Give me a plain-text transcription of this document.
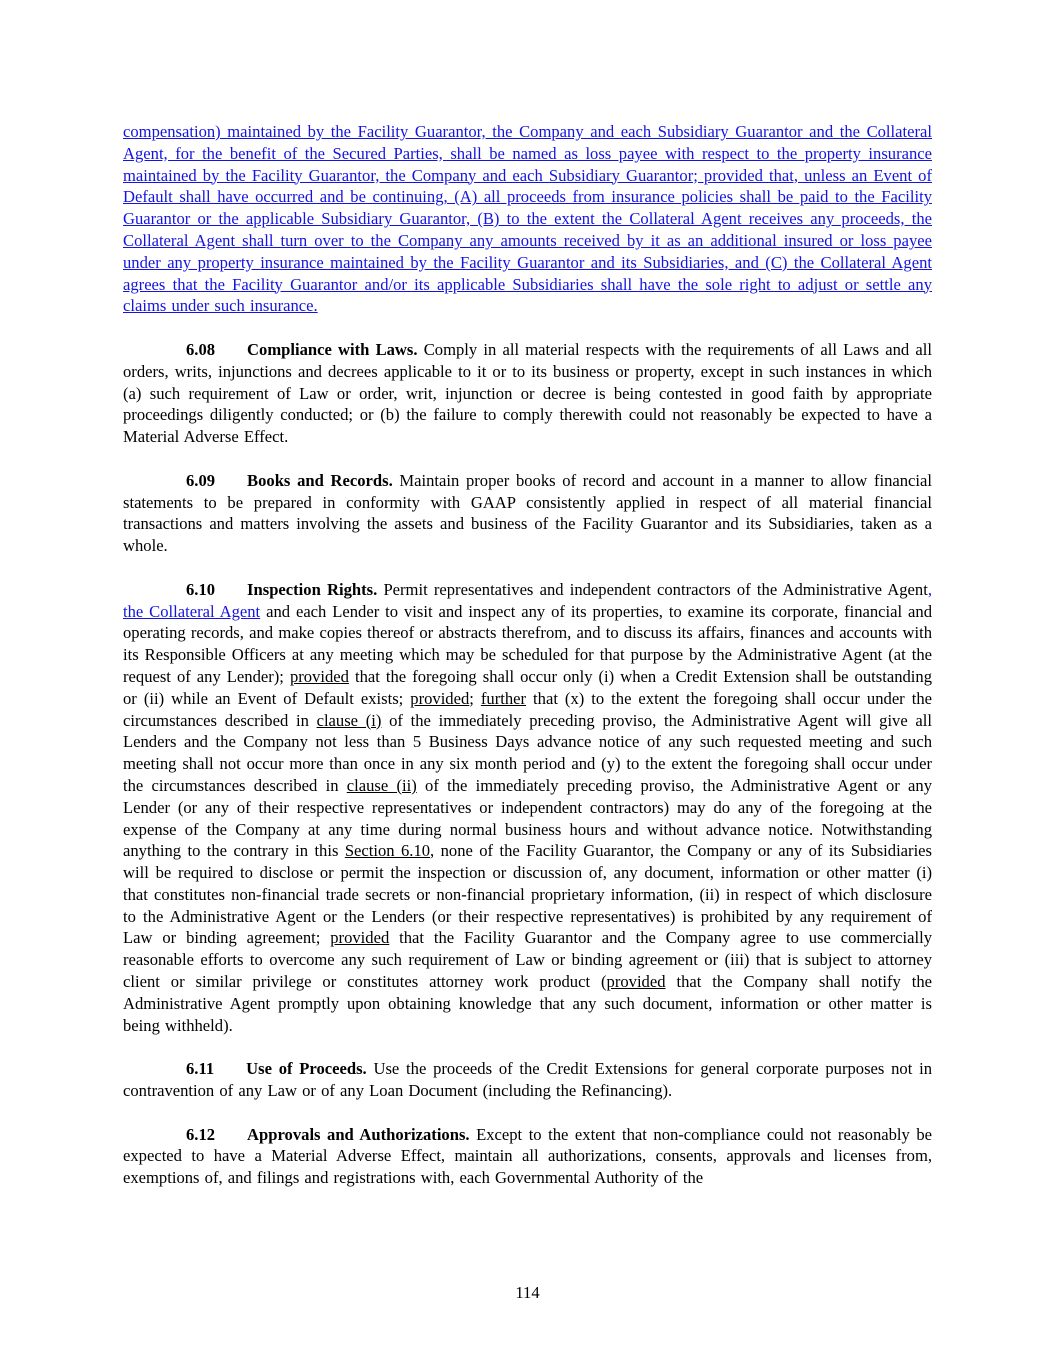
compensation) maintained by the Facility Guarantor, the Company and each Subsidiary Guarantor and the Collateral Agent, for the benefit of the Secured Parties, shall be named as loss payee with respect to the property insurance maintained by the Facility Guarantor, the Company and each Subsidiary Guarantor; provided that, unless an Event of Default shall have occurred and be continuing, (A) all proceeds from insurance policies shall be paid to the Facility Guarantor or the applicable Subsidiary Guarantor, (B) to the extent the Collateral Agent receives any proceeds, the Collateral Agent shall turn over to the Company any amounts received by it as an additional insured or loss payee under any property insurance maintained by the Facility Guarantor and its Subsidiaries, and (C) the Collateral Agent agrees that the Facility Guarantor and/or its applicable Subsidiaries shall have the sole right to adjust or settle any claims under such insurance.

6.08 Compliance with Laws. Comply in all material respects with the requirements of all Laws and all orders, writs, injunctions and decrees applicable to it or to its business or property, except in such instances in which (a) such requirement of Law or order, writ, injunction or decree is being contested in good faith by appropriate proceedings diligently conducted; or (b) the failure to comply therewith could not reasonably be expected to have a Material Adverse Effect.

6.09 Books and Records. Maintain proper books of record and account in a manner to allow financial statements to be prepared in conformity with GAAP consistently applied in respect of all material financial transactions and matters involving the assets and business of the Facility Guarantor and its Subsidiaries, taken as a whole.

6.10 Inspection Rights. Permit representatives and independent contractors of the Administrative Agent, the Collateral Agent and each Lender to visit and inspect any of its properties, to examine its corporate, financial and operating records, and make copies thereof or abstracts therefrom, and to discuss its affairs, finances and accounts with its Responsible Officers at any meeting which may be scheduled for that purpose by the Administrative Agent (at the request of any Lender); provided that the foregoing shall occur only (i) when a Credit Extension shall be outstanding or (ii) while an Event of Default exists; provided; further that (x) to the extent the foregoing shall occur under the circumstances described in clause (i) of the immediately preceding proviso, the Administrative Agent will give all Lenders and the Company not less than 5 Business Days advance notice of any such requested meeting and such meeting shall not occur more than once in any six month period and (y) to the extent the foregoing shall occur under the circumstances described in clause (ii) of the immediately preceding proviso, the Administrative Agent or any Lender (or any of their respective representatives or independent contractors) may do any of the foregoing at the expense of the Company at any time during normal business hours and without advance notice. Notwithstanding anything to the contrary in this Section 6.10, none of the Facility Guarantor, the Company or any of its Subsidiaries will be required to disclose or permit the inspection or discussion of, any document, information or other matter (i) that constitutes non-financial trade secrets or non-financial proprietary information, (ii) in respect of which disclosure to the Administrative Agent or the Lenders (or their respective representatives) is prohibited by any requirement of Law or binding agreement; provided that the Facility Guarantor and the Company agree to use commercially reasonable efforts to overcome any such requirement of Law or binding agreement or (iii) that is subject to attorney client or similar privilege or constitutes attorney work product (provided that the Company shall notify the Administrative Agent promptly upon obtaining knowledge that any such document, information or other matter is being withheld).

6.11 Use of Proceeds. Use the proceeds of the Credit Extensions for general corporate purposes not in contravention of any Law or of any Loan Document (including the Refinancing).

6.12 Approvals and Authorizations. Except to the extent that non-compliance could not reasonably be expected to have a Material Adverse Effect, maintain all authorizations, consents, approvals and licenses from, exemptions of, and filings and registrations with, each Governmental Authority of the

114
